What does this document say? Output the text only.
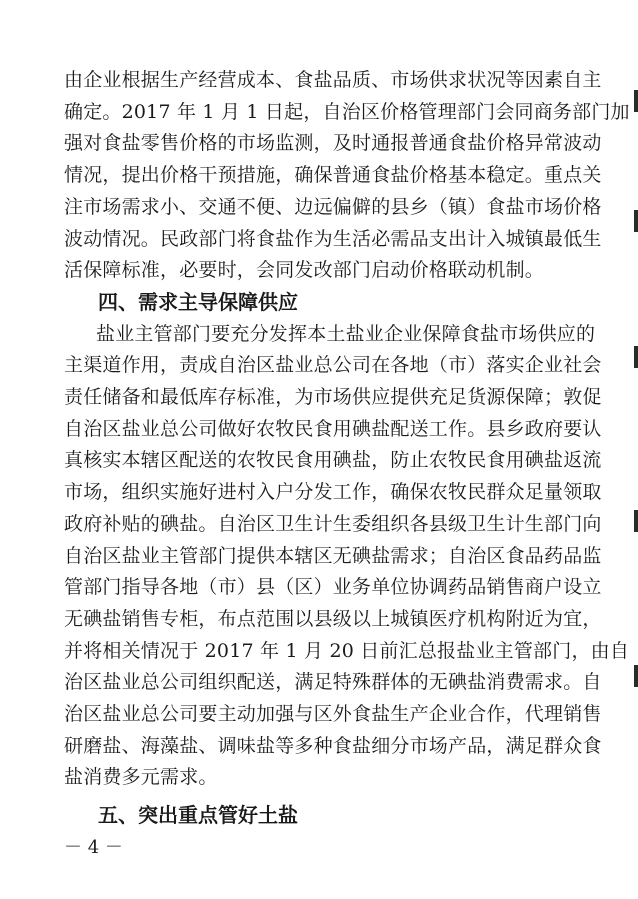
由企业根据生产经营成本、食盐品质、市场供求状况等因素自主
确定。2017 年 1 月 1 日起，自治区价格管理部门会同商务部门加
强对食盐零售价格的市场监测，及时通报普通食盐价格异常波动
情况，提出价格干预措施，确保普通食盐价格基本稳定。重点关
注市场需求小、交通不便、边远偏僻的县乡（镇）食盐市场价格
波动情况。民政部门将食盐作为生活必需品支出计入城镇最低生
活保障标准，必要时，会同发改部门启动价格联动机制。
四、需求主导保障供应
盐业主管部门要充分发挥本土盐业企业保障食盐市场供应的
主渠道作用，责成自治区盐业总公司在各地（市）落实企业社会
责任储备和最低库存标准，为市场供应提供充足货源保障；敦促
自治区盐业总公司做好农牧民食用碘盐配送工作。县乡政府要认
真核实本辖区配送的农牧民食用碘盐，防止农牧民食用碘盐返流
市场，组织实施好进村入户分发工作，确保农牧民群众足量领取
政府补贴的碘盐。自治区卫生计生委组织各县级卫生计生部门向
自治区盐业主管部门提供本辖区无碘盐需求；自治区食品药品监
管部门指导各地（市）县（区）业务单位协调药品销售商户设立
无碘盐销售专柜，布点范围以县级以上城镇医疗机构附近为宜，
并将相关情况于 2017 年 1 月 20 日前汇总报盐业主管部门，由自
治区盐业总公司组织配送，满足特殊群体的无碘盐消费需求。自
治区盐业总公司要主动加强与区外食盐生产企业合作，代理销售
研磨盐、海藻盐、调味盐等多种食盐细分市场产品，满足群众食
盐消费多元需求。
五、突出重点管好土盐
－ 4 －
